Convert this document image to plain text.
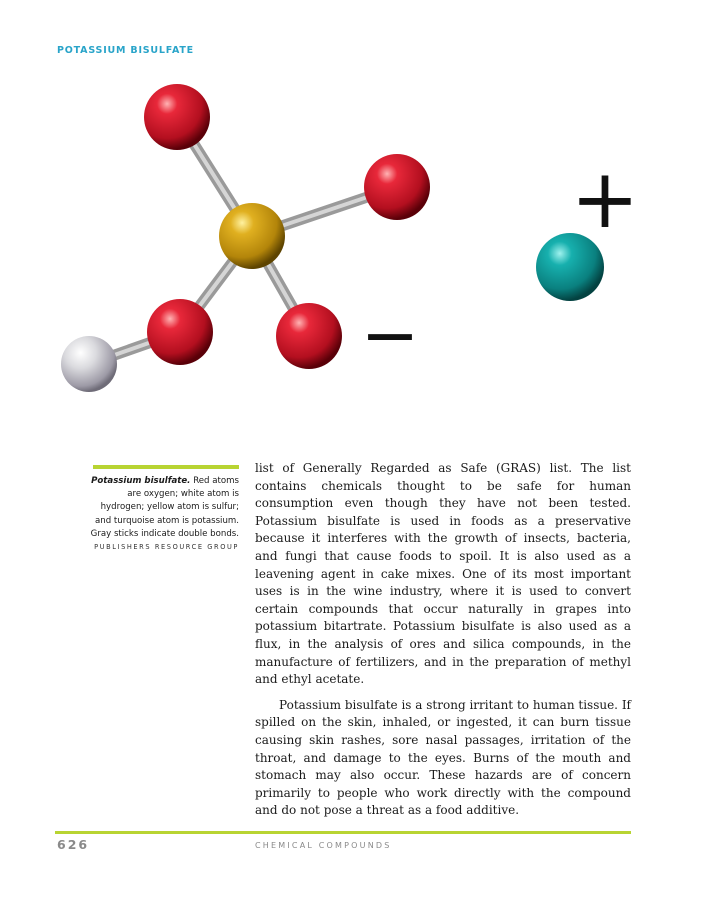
POTASSIUM BISULFATE
+
−
Potassium bisulfate. Red atoms are oxygen; white atom is hydrogen; yellow atom is sulfur; and turquoise atom is potassium. Gray sticks indicate double bonds. PUBLISHERS RESOURCE GROUP

list of Generally Regarded as Safe (GRAS) list. The list contains chemicals thought to be safe for human consumption even though they have not been tested. Potassium bisulfate is used in foods as a preservative because it interferes with the growth of insects, bacteria, and fungi that cause foods to spoil. It is also used as a leavening agent in cake mixes. One of its most important uses is in the wine industry, where it is used to convert certain compounds that occur naturally in grapes into potassium bitartrate. Potassium bisulfate is also used as a flux, in the analysis of ores and silica compounds, in the manufacture of fertilizers, and in the preparation of methyl and ethyl acetate.

Potassium bisulfate is a strong irritant to human tissue. If spilled on the skin, inhaled, or ingested, it can burn tissue causing skin rashes, sore nasal passages, irritation of the throat, and damage to the eyes. Burns of the mouth and stomach may also occur. These hazards are of concern primarily to people who work directly with the compound and do not pose a threat as a food additive.

626	CHEMICAL COMPOUNDS
